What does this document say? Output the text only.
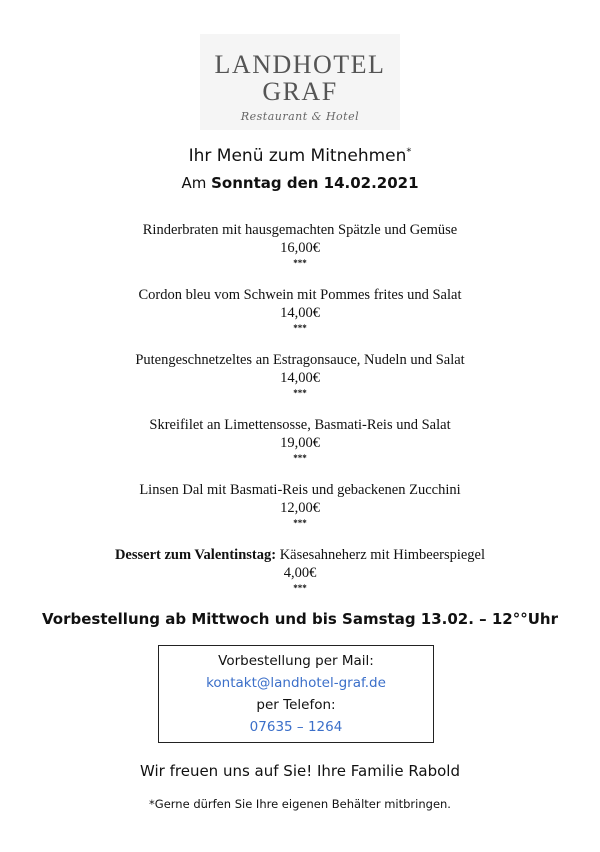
LANDHOTEL
GRAF
Restaurant & Hotel
Ihr Menü zum Mitnehmen*
Am Sonntag den 14.02.2021
Rinderbraten mit hausgemachten Spätzle und Gemüse
16,00€
***
Cordon bleu vom Schwein mit Pommes frites und Salat
14,00€
***
Putengeschnetzeltes an Estragonsauce, Nudeln und Salat
14,00€
***
Skreifilet an Limettensosse, Basmati-Reis und Salat
19,00€
***
Linsen Dal mit Basmati-Reis und gebackenen Zucchini
12,00€
***
Dessert zum Valentinstag: Käsesahneherz mit Himbeerspiegel
4,00€
***
Vorbestellung ab Mittwoch und bis Samstag 13.02. – 12°°Uhr
Vorbestellung per Mail:
kontakt@landhotel-graf.de
per Telefon:
07635 – 1264
Wir freuen uns auf Sie! Ihre Familie Rabold
*Gerne dürfen Sie Ihre eigenen Behälter mitbringen.
